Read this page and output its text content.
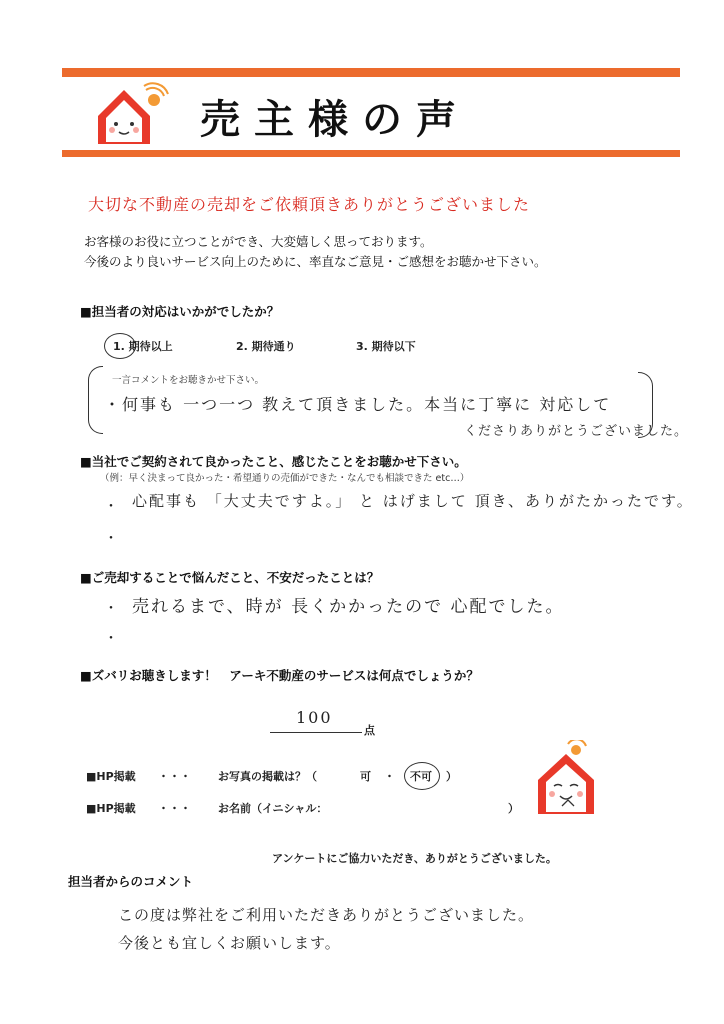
売主様の声
大切な不動産の売却をご依頼頂きありがとうございました
お客様のお役に立つことができ、大変嬉しく思っております。
今後のより良いサービス向上のために、率直なご意見・ご感想をお聴かせ下さい。
■担当者の対応はいかがでしたか？
1. 期待以上	2. 期待通り	3. 期待以下
一言コメントをお聴きかせ下さい。
・何事も 一つ一つ 教えて頂きました。本当に丁寧に 対応して
くださりありがとうございました。
■当社でご契約されて良かったこと、感じたことをお聴かせ下さい。
（例：早く決まって良かった・希望通りの売価ができた・なんでも相談できた etc…）
・ 心配事も 「大丈夫ですよ。」 と はげまして 頂き、ありがたかったです。
・
■ご売却することで悩んだこと、不安だったことは？
・ 売れるまで、時が 長くかかったので 心配でした。
・
■ズバリお聴きします！　アーキ不動産のサービスは何点でしょうか？
100
点
■HP掲載 ・・・ お写真の掲載は？（	可 ・ 不可 ）
■HP掲載 ・・・ お名前（イニシャル：	）
アンケートにご協力いただき、ありがとうございました。
担当者からのコメント
この度は弊社をご利用いただきありがとうございました。
今後とも宜しくお願いします。
